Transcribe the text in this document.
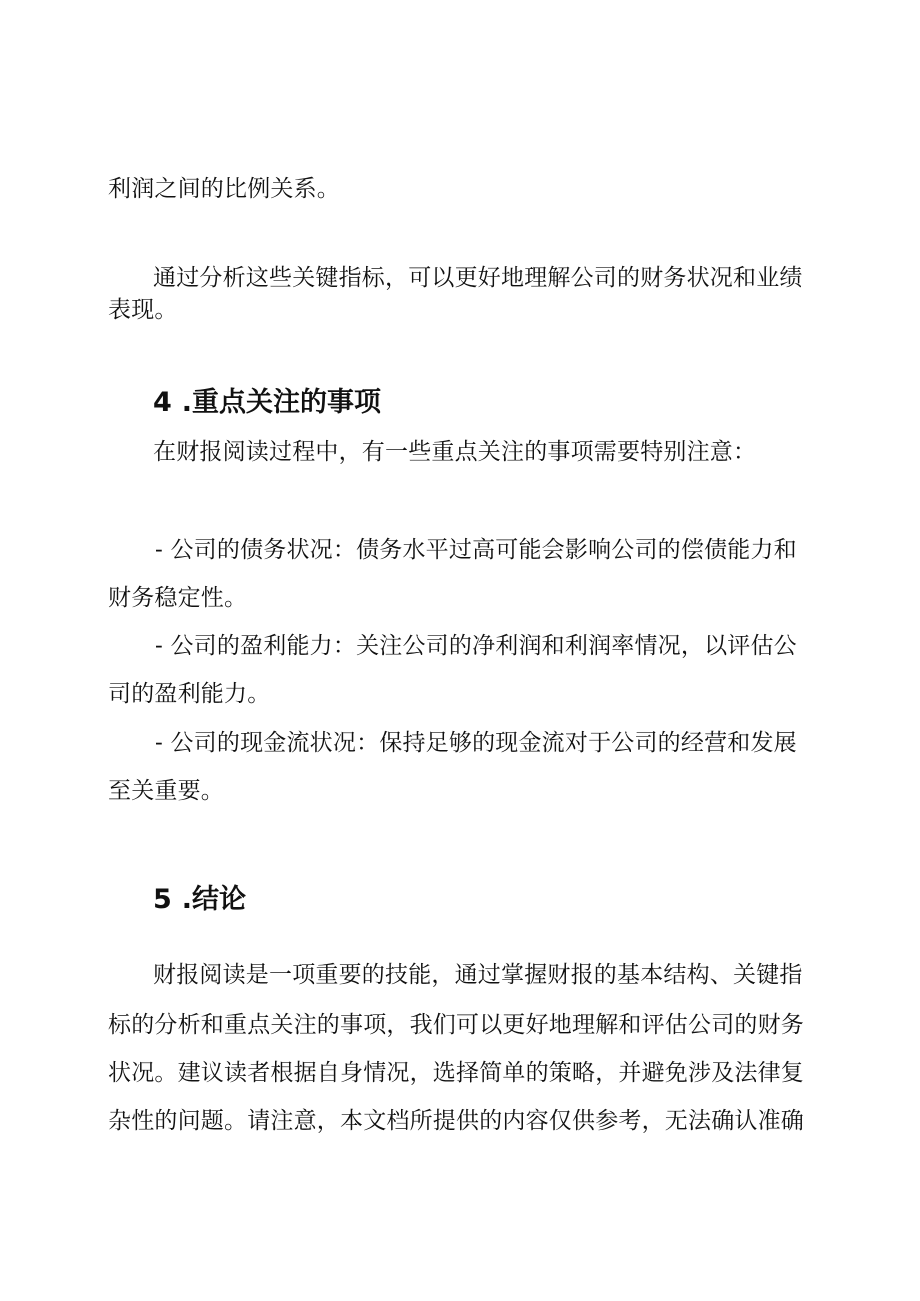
利润之间的比例关系。
通过分析这些关键指标，可以更好地理解公司的财务状况和业绩
表现。
4 .重点关注的事项
在财报阅读过程中，有一些重点关注的事项需要特别注意：
- 公司的债务状况：债务水平过高可能会影响公司的偿债能力和
财务稳定性。
- 公司的盈利能力：关注公司的净利润和利润率情况，以评估公
司的盈利能力。
- 公司的现金流状况：保持足够的现金流对于公司的经营和发展
至关重要。
5 .结论
财报阅读是一项重要的技能，通过掌握财报的基本结构、关键指
标的分析和重点关注的事项，我们可以更好地理解和评估公司的财务
状况。建议读者根据自身情况，选择简单的策略，并避免涉及法律复
杂性的问题。请注意，本文档所提供的内容仅供参考，无法确认准确
